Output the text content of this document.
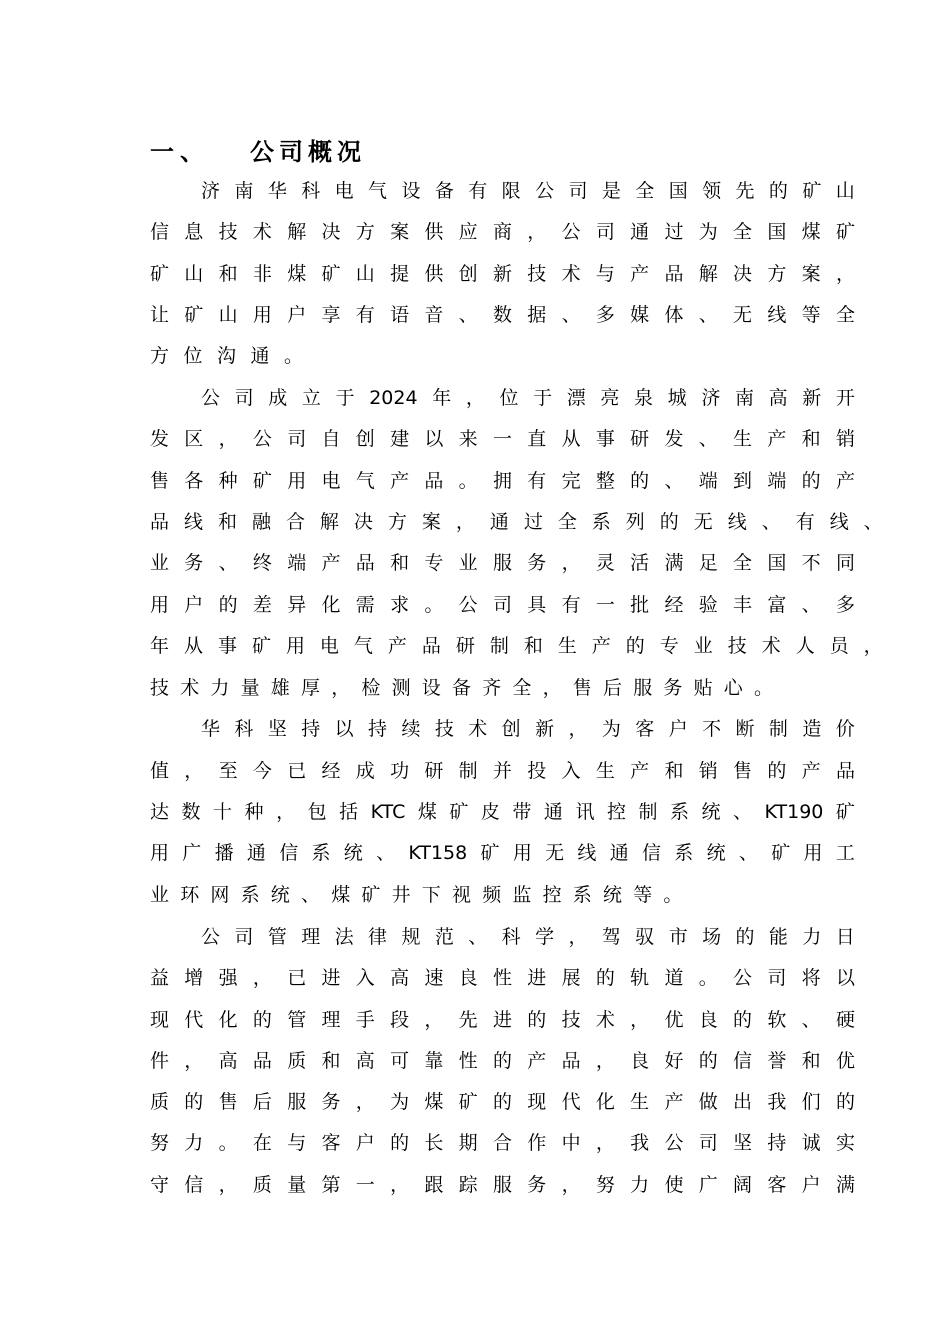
一、 公司概况
济 南 华 科 电 气 设 备 有 限 公 司 是 全 国 领 先 的 矿 山
信 息 技 术 解 决 方 案 供 应 商 ， 公 司 通 过 为 全 国 煤 矿
矿 山 和 非 煤 矿 山 提 供 创 新 技 术 与 产 品 解 决 方 案 ，
让 矿 山 用 户 享 有 语 音 、 数 据 、 多 媒 体 、 无 线 等 全
方位沟通。
公 司 成 立 于 2024 年 ， 位 于 漂 亮 泉 城 济 南 高 新 开
发 区 ， 公 司 自 创 建 以 来 一 直 从 事 研 发 、 生 产 和 销
售 各 种 矿 用 电 气 产 品 。 拥 有 完 整 的 、 端 到 端 的 产
品 线 和 融 合 解 决 方 案 ， 通 过 全 系 列 的 无 线 、 有 线 、
业 务 、 终 端 产 品 和 专 业 服 务 ， 灵 活 满 足 全 国 不 同
用 户 的 差 异 化 需 求 。 公 司 具 有 一 批 经 验 丰 富 、 多
年 从 事 矿 用 电 气 产 品 研 制 和 生 产 的 专 业 技 术 人 员 ，
技术力量雄厚，检测设备齐全，售后服务贴心。
华 科 坚 持 以 持 续 技 术 创 新 ， 为 客 户 不 断 制 造 价
值 ， 至 今 已 经 成 功 研 制 并 投 入 生 产 和 销 售 的 产 品
达 数 十 种 ， 包 括 KTC 煤 矿 皮 带 通 讯 控 制 系 统 、 KT190 矿
用 广 播 通 信 系 统 、 KT158 矿 用 无 线 通 信 系 统 、 矿 用 工
业环网系统、煤矿井下视频监控系统等。
公 司 管 理 法 律 规 范 、 科 学 ， 驾 驭 市 场 的 能 力 日
益 增 强 ， 已 进 入 高 速 良 性 进 展 的 轨 道 。 公 司 将 以
现 代 化 的 管 理 手 段 ， 先 进 的 技 术 ， 优 良 的 软 、 硬
件 ， 高 品 质 和 高 可 靠 性 的 产 品 ， 良 好 的 信 誉 和 优
质 的 售 后 服 务 ， 为 煤 矿 的 现 代 化 生 产 做 出 我 们 的
努 力 。 在 与 客 户 的 长 期 合 作 中 ， 我 公 司 坚 持 诚 实
守 信 ， 质 量 第 一 ， 跟 踪 服 务 ， 努 力 使 广 阔 客 户 满
